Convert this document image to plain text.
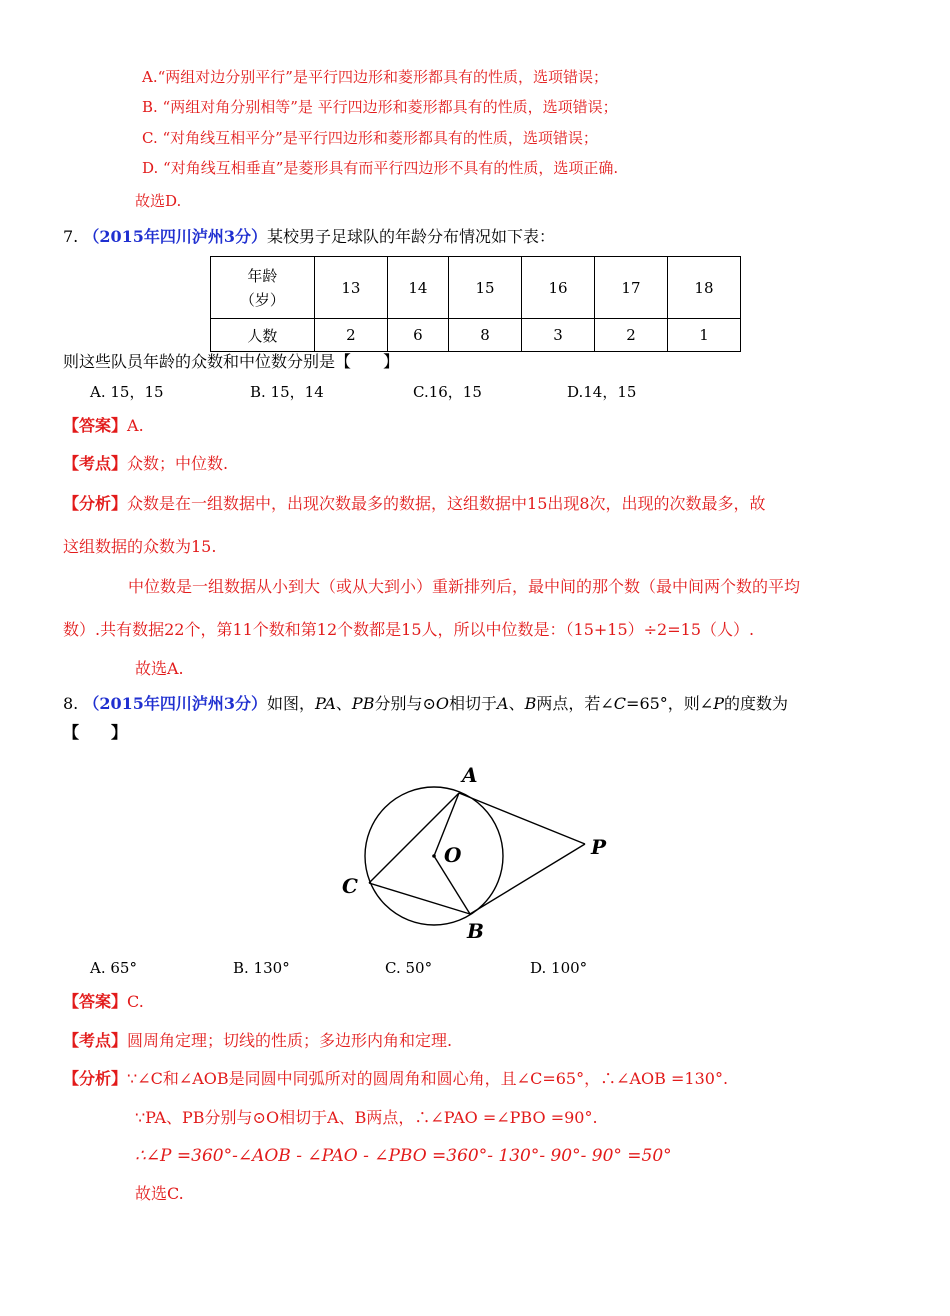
A.“两组对边分别平行”是平行四边形和菱形都具有的性质，选项错误；
B. “两组对角分别相等”是 平行四边形和菱形都具有的性质，选项错误；
C. “对角线互相平分”是平行四边形和菱形都具有的性质，选项错误；
D. “对角线互相垂直”是菱形具有而平行四边形不具有的性质，选项正确.
故选D.
7. （2015年四川泸州3分）某校男子足球队的年龄分布情况如下表：
年龄
（岁）	13	14	15	16	17	18
人数	2	6	8	3	2	1
则这些队员年龄的众数和中位数分别是【　　】
A. 15，15	B. 15，14	C.16，15	D.14，15
【答案】A.
【考点】众数；中位数.
【分析】众数是在一组数据中，出现次数最多的数据，这组数据中15出现8次，出现的次数最多，故
这组数据的众数为15.
中位数是一组数据从小到大（或从大到小）重新排列后，最中间的那个数（最中间两个数的平均
数）.共有数据22个，第11个数和第12个数都是15人，所以中位数是：（15+15）÷2=15（人）.
故选A.
8. （2015年四川泸州3分）如图，PA、PB分别与⊙O相切于A、B两点，若∠C=65°，则∠P的度数为
【　　】
A
O	P
C
B
A. 65°	B. 130°	C. 50°	D. 100°
【答案】C.
【考点】圆周角定理；切线的性质；多边形内角和定理.
【分析】∵∠C和∠AOB是同圆中同弧所对的圆周角和圆心角，且∠C=65°，∴∠AOB =130°.
∵PA、PB分别与⊙O相切于A、B两点，∴∠PAO =∠PBO =90°.
∴∠P =360°-∠AOB - ∠PAO - ∠PBO =360°- 130°- 90°- 90° =50°
故选C.
